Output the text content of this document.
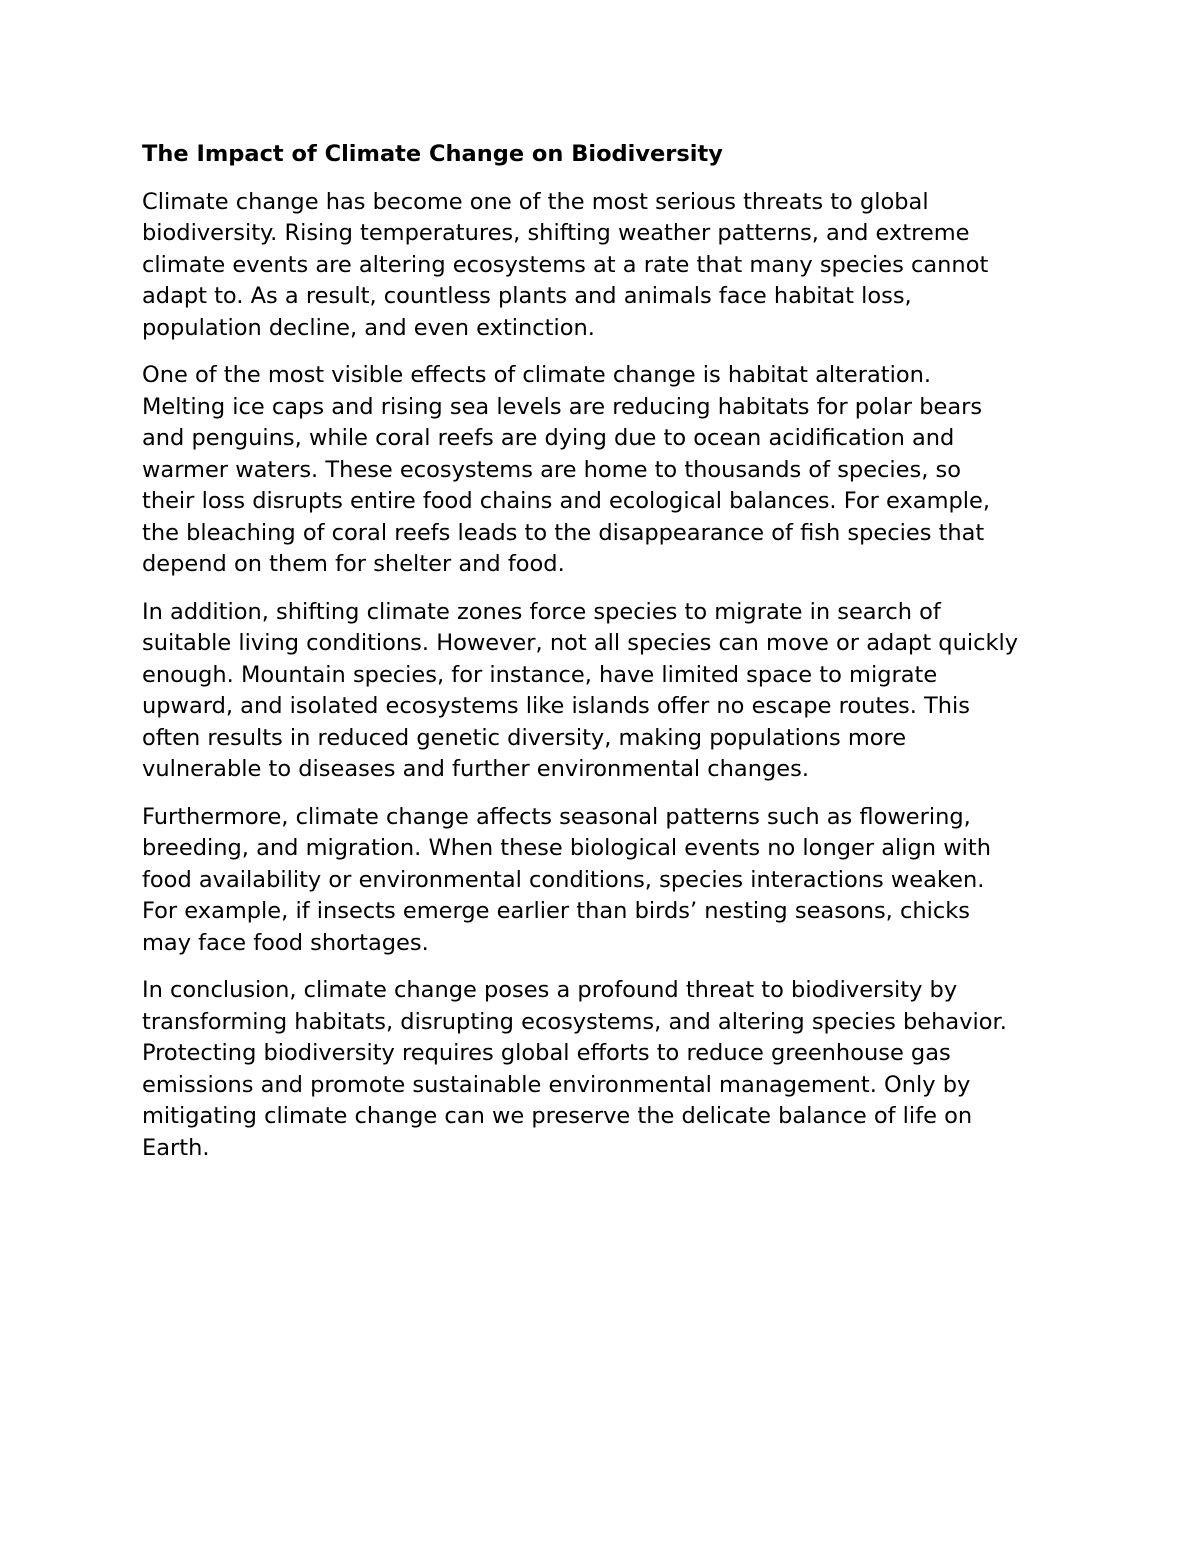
The Impact of Climate Change on Biodiversity
Climate change has become one of the most serious threats to global
biodiversity. Rising temperatures, shifting weather patterns, and extreme
climate events are altering ecosystems at a rate that many species cannot
adapt to. As a result, countless plants and animals face habitat loss,
population decline, and even extinction.
One of the most visible effects of climate change is habitat alteration.
Melting ice caps and rising sea levels are reducing habitats for polar bears
and penguins, while coral reefs are dying due to ocean acidification and
warmer waters. These ecosystems are home to thousands of species, so
their loss disrupts entire food chains and ecological balances. For example,
the bleaching of coral reefs leads to the disappearance of fish species that
depend on them for shelter and food.
In addition, shifting climate zones force species to migrate in search of
suitable living conditions. However, not all species can move or adapt quickly
enough. Mountain species, for instance, have limited space to migrate
upward, and isolated ecosystems like islands offer no escape routes. This
often results in reduced genetic diversity, making populations more
vulnerable to diseases and further environmental changes.
Furthermore, climate change affects seasonal patterns such as flowering,
breeding, and migration. When these biological events no longer align with
food availability or environmental conditions, species interactions weaken.
For example, if insects emerge earlier than birds’ nesting seasons, chicks
may face food shortages.
In conclusion, climate change poses a profound threat to biodiversity by
transforming habitats, disrupting ecosystems, and altering species behavior.
Protecting biodiversity requires global efforts to reduce greenhouse gas
emissions and promote sustainable environmental management. Only by
mitigating climate change can we preserve the delicate balance of life on
Earth.
